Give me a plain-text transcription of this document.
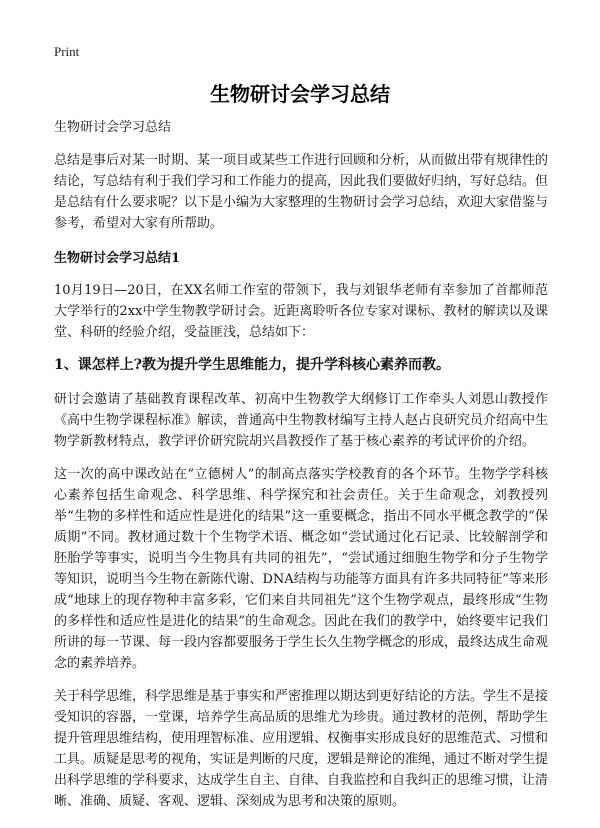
Print
生物研讨会学习总结

生物研讨会学习总结

总结是事后对某一时期、某一项目或某些工作进行回顾和分析，从而做出带有规律性的结论，写总结有利于我们学习和工作能力的提高，因此我们要做好归纳，写好总结。但是总结有什么要求呢？以下是小编为大家整理的生物研讨会学习总结，欢迎大家借鉴与参考，希望对大家有所帮助。

生物研讨会学习总结1

10月19日—20日，在XX名师工作室的带领下，我与刘银华老师有幸参加了首都师范大学举行的2xx中学生物教学研讨会。近距离聆听各位专家对课标、教材的解读以及课堂、科研的经验介绍，受益匪浅，总结如下：

1、课怎样上?教为提升学生思维能力，提升学科核心素养而教。

研讨会邀请了基础教育课程改革、初高中生物教学大纲修订工作牵头人刘恩山教授作《高中生物学课程标准》解读，普通高中生物教材编写主持人赵占良研究员介绍高中生物学新教材特点，教学评价研究院胡兴昌教授作了基于核心素养的考试评价的介绍。

这一次的高中课改站在“立德树人”的制高点落实学校教育的各个环节。生物学学科核心素养包括生命观念、科学思维、科学探究和社会责任。关于生命观念，刘教授列举“生物的多样性和适应性是进化的结果”这一重要概念，指出不同水平概念教学的“保质期”不同。教材通过数十个生物学术语、概念如“尝试通过化石记录、比较解剖学和胚胎学等事实，说明当今生物具有共同的祖先”，“尝试通过细胞生物学和分子生物学等知识，说明当今生物在新陈代谢、DNA结构与功能等方面具有许多共同特征”等来形成“地球上的现存物种丰富多彩，它们来自共同祖先”这个生物学观点，最终形成“生物的多样性和适应性是进化的结果”的生命观念。因此在我们的教学中，始终要牢记我们所讲的每一节课、每一段内容都要服务于学生长久生物学概念的形成，最终达成生命观念的素养培养。

关于科学思维，科学思维是基于事实和严密推理以期达到更好结论的方法。学生不是接受知识的容器，一堂课，培养学生高品质的思维尤为珍贵。通过教材的范例，帮助学生提升管理思维结构，使用理智标准、应用逻辑、权衡事实形成良好的思维范式、习惯和工具。质疑是思考的视角，实证是判断的尺度，逻辑是辩论的准绳，通过不断对学生提出科学思维的学科要求，达成学生自主、自律、自我监控和自我纠正的思维习惯，让清晰、准确、质疑、客观、逻辑、深刻成为思考和决策的原则。
